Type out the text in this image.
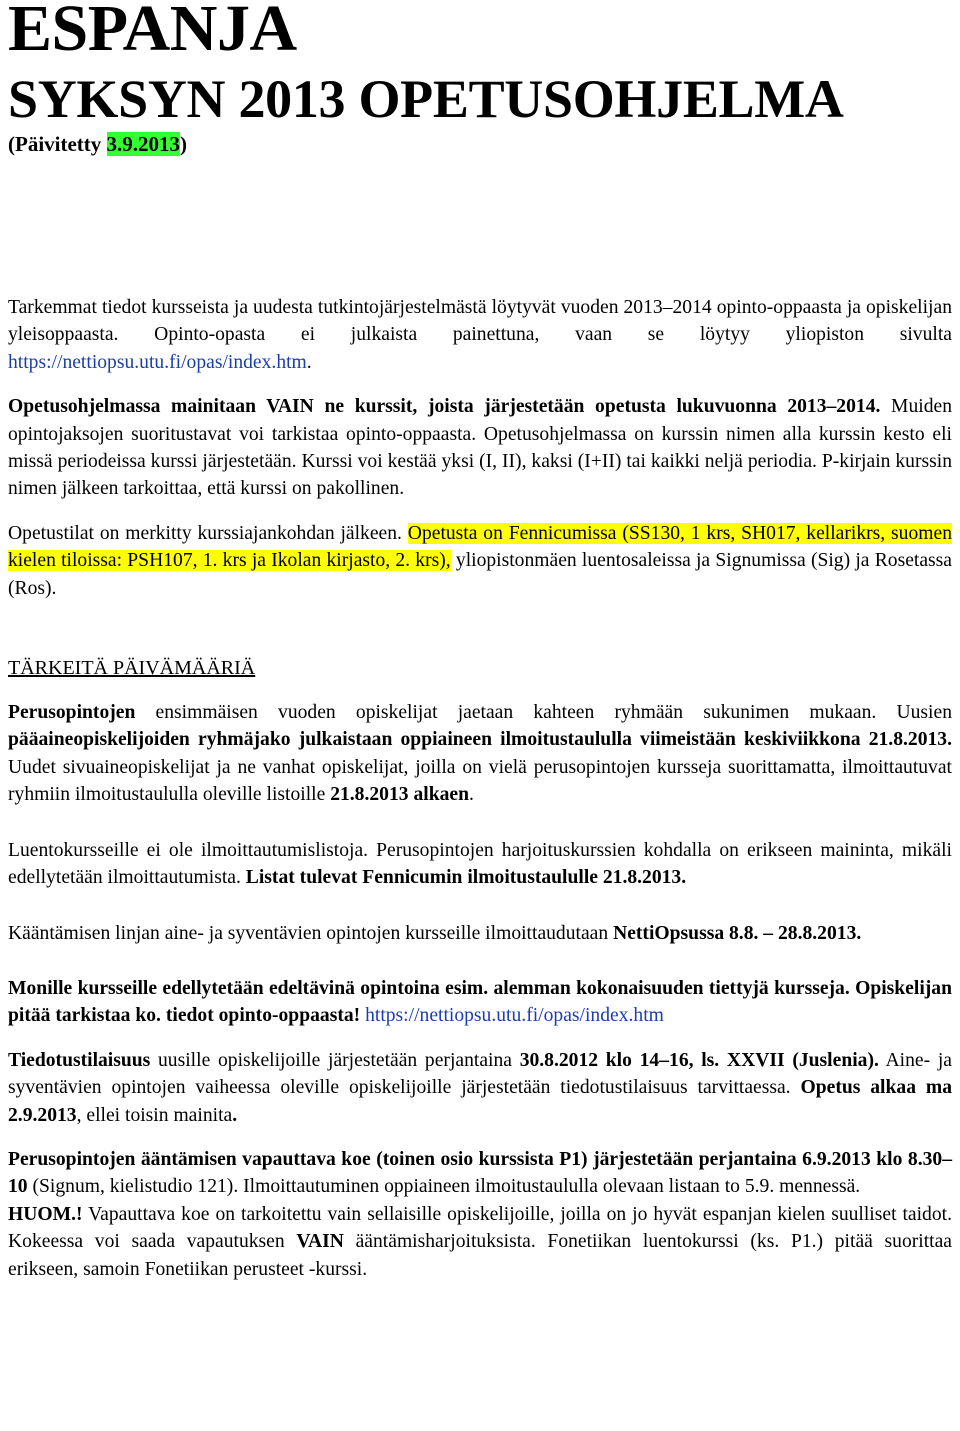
ESPANJA
SYKSYN 2013 OPETUSOHJELMA
(Päivitetty 3.9.2013)

Tarkemmat tiedot kursseista ja uudesta tutkintojärjestelmästä löytyvät vuoden 2013–2014 opinto-oppaasta ja opiskelijan yleisoppaasta. Opinto-opasta ei julkaista painettuna, vaan se löytyy yliopiston sivulta https://nettiopsu.utu.fi/opas/index.htm.

Opetusohjelmassa mainitaan VAIN ne kurssit, joista järjestetään opetusta lukuvuonna 2013–2014. Muiden opintojaksojen suoritustavat voi tarkistaa opinto-oppaasta. Opetusohjelmassa on kurssin nimen alla kurssin kesto eli missä periodeissa kurssi järjestetään. Kurssi voi kestää yksi (I, II), kaksi (I+II) tai kaikki neljä periodia. P-kirjain kurssin nimen jälkeen tarkoittaa, että kurssi on pakollinen.

Opetustilat on merkitty kurssiajankohdan jälkeen. Opetusta on Fennicumissa (SS130, 1 krs, SH017, kellarikrs, suomen kielen tiloissa: PSH107, 1. krs ja Ikolan kirjasto, 2. krs), yliopistonmäen luentosaleissa ja Signumissa (Sig) ja Rosetassa (Ros).

TÄRKEITÄ PÄIVÄMÄÄRIÄ

Perusopintojen ensimmäisen vuoden opiskelijat jaetaan kahteen ryhmään sukunimen mukaan. Uusien pääaineopiskelijoiden ryhmäjako julkaistaan oppiaineen ilmoitustaululla viimeistään keskiviikkona 21.8.2013. Uudet sivuaineopiskelijat ja ne vanhat opiskelijat, joilla on vielä perusopintojen kursseja suorittamatta, ilmoittautuvat ryhmiin ilmoitustaululla oleville listoille 21.8.2013 alkaen.

Luentokursseille ei ole ilmoittautumislistoja. Perusopintojen harjoituskurssien kohdalla on erikseen maininta, mikäli edellytetään ilmoittautumista. Listat tulevat Fennicumin ilmoitustaululle 21.8.2013.

Kääntämisen linjan aine- ja syventävien opintojen kursseille ilmoittaudutaan NettiOpsussa 8.8. – 28.8.2013.

Monille kursseille edellytetään edeltävinä opintoina esim. alemman kokonaisuuden tiettyjä kursseja. Opiskelijan pitää tarkistaa ko. tiedot opinto-oppaasta! https://nettiopsu.utu.fi/opas/index.htm

Tiedotustilaisuus uusille opiskelijoille järjestetään perjantaina 30.8.2012 klo 14–16, ls. XXVII (Juslenia). Aine- ja syventävien opintojen vaiheessa oleville opiskelijoille järjestetään tiedotustilaisuus tarvittaessa. Opetus alkaa ma 2.9.2013, ellei toisin mainita.

Perusopintojen ääntämisen vapauttava koe (toinen osio kurssista P1) järjestetään perjantaina 6.9.2013 klo 8.30–10 (Signum, kielistudio 121). Ilmoittautuminen oppiaineen ilmoitustaululla olevaan listaan to 5.9. mennessä.

HUOM.! Vapauttava koe on tarkoitettu vain sellaisille opiskelijoille, joilla on jo hyvät espanjan kielen suulliset taidot. Kokeessa voi saada vapautuksen VAIN ääntämisharjoituksista. Fonetiikan luentokurssi (ks. P1.) pitää suorittaa erikseen, samoin Fonetiikan perusteet -kurssi.
